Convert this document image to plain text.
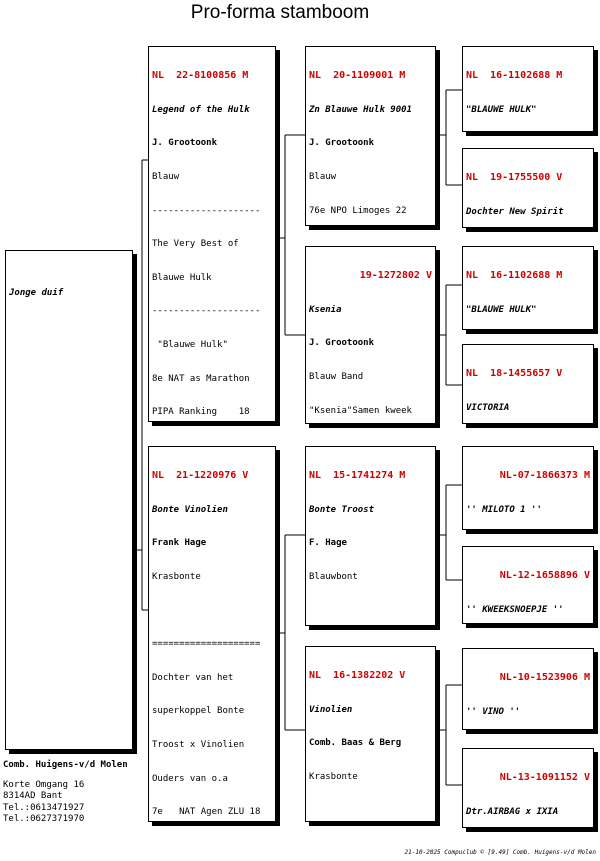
Pro-forma stamboom

Jonge duif

NL  22-8100856 M

Legend of the Hulk

J. Grootoonk

Blauw

--------------------

The Very Best of

Blauwe Hulk

--------------------

"Blauwe Hulk"

8e NAT as Marathon

PIPA Ranking    18

NL  21-1220976 V

Bonte Vinolien

Frank Hage

Krasbonte

====================

Dochter van het

superkoppel Bonte

Troost x Vinolien

Ouders van o.a

7e   NAT Agen ZLU 18

NL  20-1109001 M

Zn Blauwe Hulk 9001

J. Grootoonk

Blauw

76e NPO Limoges 22

19-1272802 V

Ksenia

J. Grootoonk

Blauw Band

"Ksenia"Samen kweek

NL  15-1741274 M

Bonte Troost

F. Hage

Blauwbont

NL  16-1382202 V

Vinolien

Comb. Baas & Berg

Krasbonte

NL  16-1102688 M

"BLAUWE HULK"

NL  19-1755500 V

Dochter New Spirit

NL  16-1102688 M

"BLAUWE HULK"

NL  18-1455657 V

VICTORIA

NL-07-1866373 M

'' MILOTO 1 ''

NL-12-1658896 V

'' KWEEKSNOEPJE ''

NL-10-1523906 M

'' VINO ''

NL-13-1091152 V

Dtr.AIRBAG x IXIA

Comb. Huigens-v/d Molen
Korte Omgang 16
8314AD Bant
Tel.:0613471927
Tel.:0627371970
21-10-2025 Compuclub © [9.49] Comb. Huigens-v/d Molen
